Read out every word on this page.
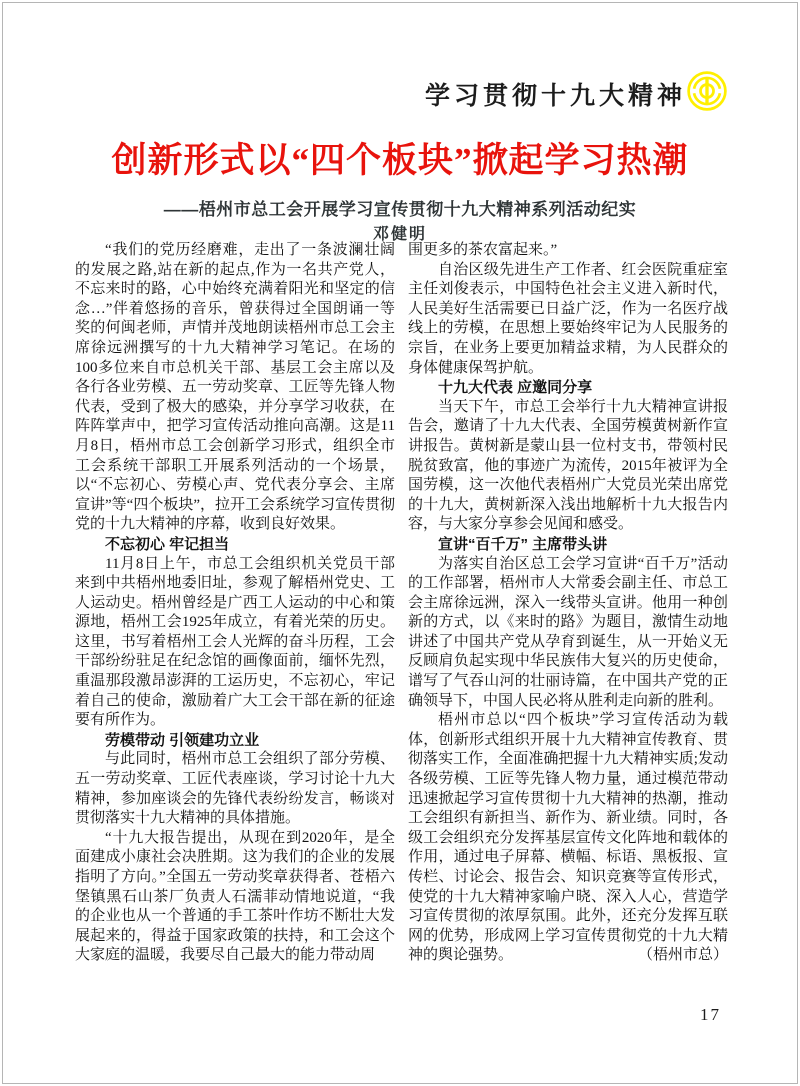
学习贯彻十九大精神
创新形式以“四个板块”掀起学习热潮
——梧州市总工会开展学习宣传贯彻十九大精神系列活动纪实
邓健明
“我们的党历经磨难，走出了一条波澜壮阔的发展之路,站在新的起点,作为一名共产党人，不忘来时的路，心中始终充满着阳光和坚定的信念…”伴着悠扬的音乐，曾获得过全国朗诵一等奖的何闽老师，声情并茂地朗读梧州市总工会主席徐远洲撰写的十九大精神学习笔记。在场的100多位来自市总机关干部、基层工会主席以及各行各业劳模、五一劳动奖章、工匠等先锋人物代表，受到了极大的感染，并分享学习收获，在阵阵掌声中，把学习宣传活动推向高潮。这是11月8日，梧州市总工会创新学习形式，组织全市工会系统干部职工开展系列活动的一个场景，以“不忘初心、劳模心声、党代表分享会、主席宣讲”等“四个板块”，拉开工会系统学习宣传贯彻党的十九大精神的序幕，收到良好效果。
不忘初心 牢记担当
11月8日上午，市总工会组织机关党员干部来到中共梧州地委旧址，参观了解梧州党史、工人运动史。梧州曾经是广西工人运动的中心和策源地，梧州工会1925年成立，有着光荣的历史。这里，书写着梧州工会人光辉的奋斗历程，工会干部纷纷驻足在纪念馆的画像面前，缅怀先烈，重温那段激昂澎湃的工运历史，不忘初心，牢记着自己的使命，激励着广大工会干部在新的征途要有所作为。
劳模带动 引领建功立业
与此同时，梧州市总工会组织了部分劳模、五一劳动奖章、工匠代表座谈，学习讨论十九大精神，参加座谈会的先锋代表纷纷发言，畅谈对贯彻落实十九大精神的具体措施。
“十九大报告提出，从现在到2020年，是全面建成小康社会决胜期。这为我们的企业的发展指明了方向。”全国五一劳动奖章获得者、苍梧六堡镇黑石山茶厂负责人石濡菲动情地说道，“我的企业也从一个普通的手工茶叶作坊不断壮大发展起来的，得益于国家政策的扶持，和工会这个大家庭的温暖，我要尽自己最大的能力带动周
围更多的茶农富起来。”
自治区级先进生产工作者、红会医院重症室主任刘俊表示，中国特色社会主义进入新时代，人民美好生活需要已日益广泛，作为一名医疗战线上的劳模，在思想上要始终牢记为人民服务的宗旨，在业务上要更加精益求精，为人民群众的身体健康保驾护航。
十九大代表 应邀同分享
当天下午，市总工会举行十九大精神宣讲报告会，邀请了十九大代表、全国劳模黄树新作宣讲报告。黄树新是蒙山县一位村支书，带领村民脱贫致富，他的事迹广为流传，2015年被评为全国劳模，这一次他代表梧州广大党员光荣出席党的十九大，黄树新深入浅出地解析十九大报告内容，与大家分享参会见闻和感受。
宣讲“百千万” 主席带头讲
为落实自治区总工会学习宣讲“百千万”活动的工作部署，梧州市人大常委会副主任、市总工会主席徐远洲，深入一线带头宣讲。他用一种创新的方式，以《来时的路》为题目，激情生动地讲述了中国共产党从孕育到诞生，从一开始义无反顾肩负起实现中华民族伟大复兴的历史使命，谱写了气吞山河的壮丽诗篇，在中国共产党的正确领导下，中国人民必将从胜利走向新的胜利。
梧州市总以“四个板块”学习宣传活动为载体，创新形式组织开展十九大精神宣传教育、贯彻落实工作，全面准确把握十九大精神实质;发动各级劳模、工匠等先锋人物力量，通过模范带动迅速掀起学习宣传贯彻十九大精神的热潮，推动工会组织有新担当、新作为、新业绩。同时，各级工会组织充分发挥基层宣传文化阵地和载体的作用，通过电子屏幕、横幅、标语、黑板报、宣传栏、讨论会、报告会、知识竞赛等宣传形式，使党的十九大精神家喻户晓、深入人心，营造学习宣传贯彻的浓厚氛围。此外，还充分发挥互联网的优势，形成网上学习宣传贯彻党的十九大精神的舆论强势。	（梧州市总）
17
